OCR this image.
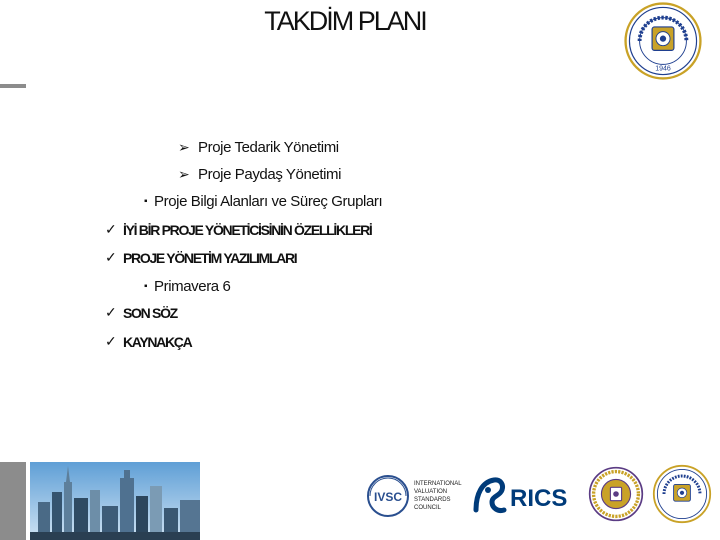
TAKDİM PLANI
1946
➢ Proje Tedarik Yönetimi
➢ Proje Paydaş Yönetimi
▪ Proje Bilgi Alanları ve Süreç Grupları
✓ İYİ BİR PROJE YÖNETİCİSİNİN ÖZELLİKLERİ
✓ PROJE YÖNETİM YAZILIMLARI
▪ Primavera 6
✓ SON SÖZ
✓ KAYNAKÇA
IVSC
INTERNATIONAL
VALUATION
STANDARDS
COUNCIL	RICS
